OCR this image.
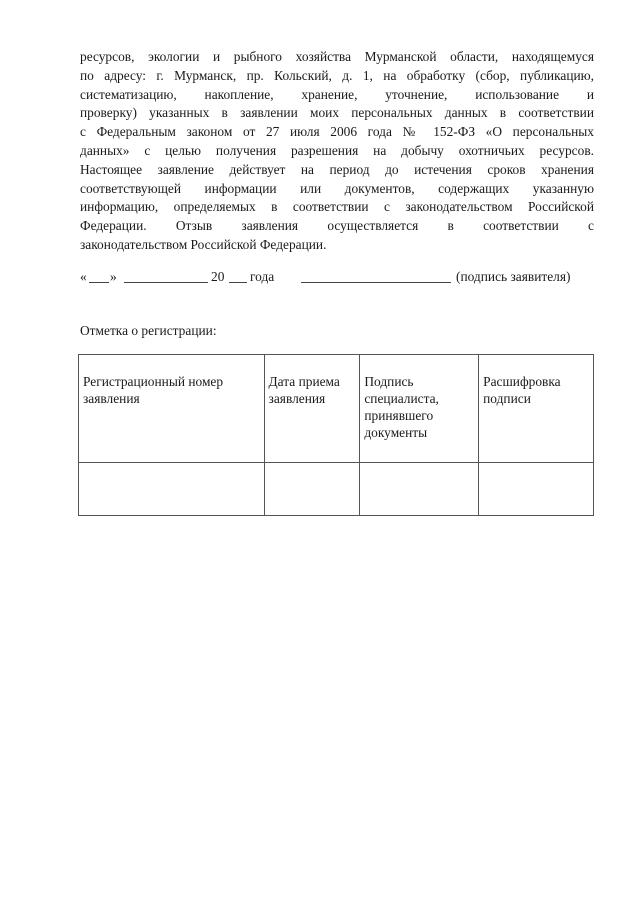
ресурсов, экологии и рыбного хозяйства Мурманской области, находящемуся
по адресу: г. Мурманск, пр. Кольский, д. 1, на обработку (сбор, публикацию,
систематизацию, накопление, хранение, уточнение, использование и
проверку) указанных в заявлении моих персональных данных в соответствии
с Федеральным законом от 27 июля 2006 года № 152-ФЗ «О персональных
данных» с целью получения разрешения на добычу охотничьих ресурсов.
Настоящее заявление действует на период до истечения сроков хранения
соответствующей информации или документов, содержащих указанную
информацию, определяемых в соответствии с законодательством Российской
Федерации. Отзыв заявления осуществляется в соответствии с
законодательством Российской Федерации.
« »	20 года	(подпись заявителя)
Отметка о регистрации:
Регистрационный номер заявления	Дата приема заявления	Подпись специалиста, принявшего документы	Расшифровка подписи
